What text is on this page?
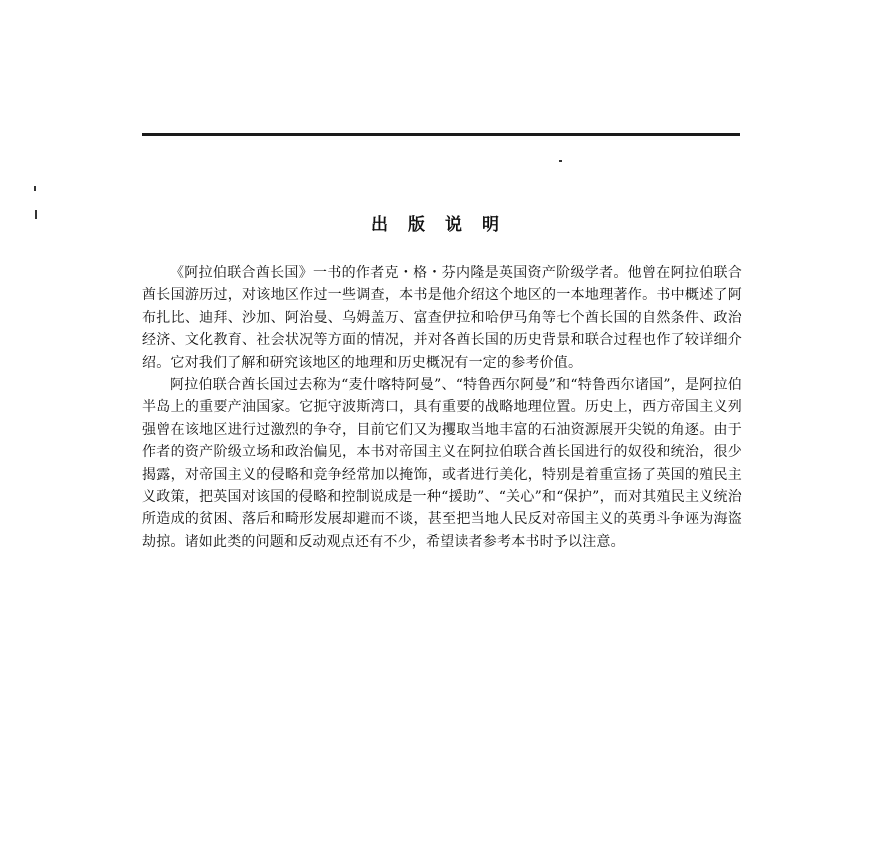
出版说明

《阿拉伯联合酋长国》一书的作者克・格・芬内隆是英国资产阶级学者。他曾在阿拉伯联合酋长国游历过，对该地区作过一些调查，本书是他介绍这个地区的一本地理著作。书中概述了阿布扎比、迪拜、沙加、阿治曼、乌姆盖万、富查伊拉和哈伊马角等七个酋长国的自然条件、政治经济、文化教育、社会状况等方面的情况，并对各酋长国的历史背景和联合过程也作了较详细介绍。它对我们了解和研究该地区的地理和历史概况有一定的参考价值。

阿拉伯联合酋长国过去称为“麦什喀特阿曼”、“特鲁西尔阿曼”和“特鲁西尔诸国”，是阿拉伯半岛上的重要产油国家。它扼守波斯湾口，具有重要的战略地理位置。历史上，西方帝国主义列强曾在该地区进行过激烈的争夺，目前它们又为攫取当地丰富的石油资源展开尖锐的角逐。由于作者的资产阶级立场和政治偏见，本书对帝国主义在阿拉伯联合酋长国进行的奴役和统治，很少揭露，对帝国主义的侵略和竞争经常加以掩饰，或者进行美化，特别是着重宣扬了英国的殖民主义政策，把英国对该国的侵略和控制说成是一种“援助”、“关心”和“保护”，而对其殖民主义统治所造成的贫困、落后和畸形发展却避而不谈，甚至把当地人民反对帝国主义的英勇斗争诬为海盗劫掠。诸如此类的问题和反动观点还有不少，希望读者参考本书时予以注意。
